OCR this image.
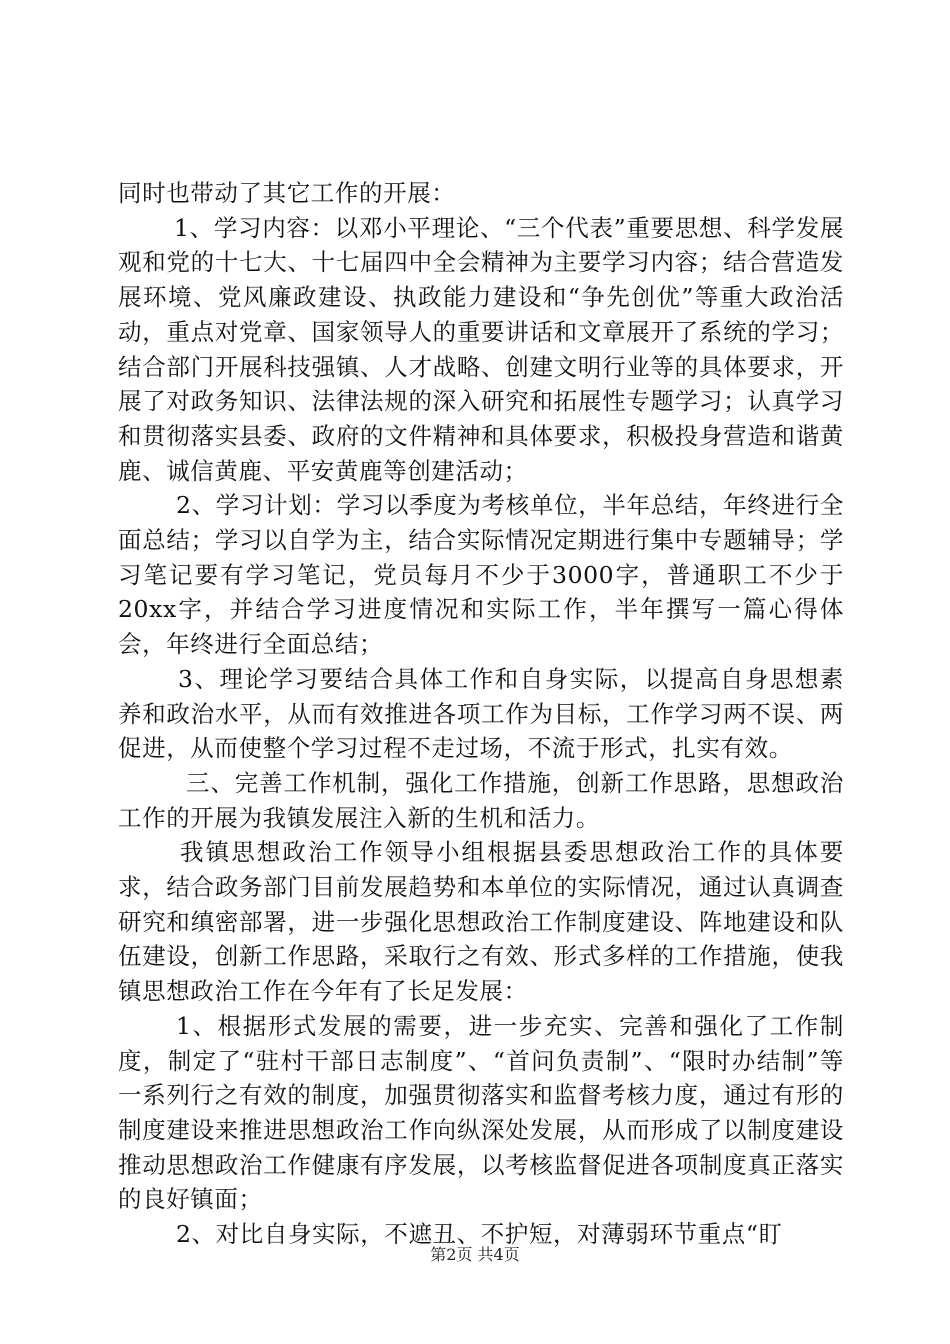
同时也带动了其它工作的开展：

1、学习内容：以邓小平理论、“三个代表”重要思想、科学发展观和党的十七大、十七届四中全会精神为主要学习内容；结合营造发展环境、党风廉政建设、执政能力建设和“争先创优”等重大政治活动，重点对党章、国家领导人的重要讲话和文章展开了系统的学习；结合部门开展科技强镇、人才战略、创建文明行业等的具体要求，开展了对政务知识、法律法规的深入研究和拓展性专题学习；认真学习和贯彻落实县委、政府的文件精神和具体要求，积极投身营造和谐黄鹿、诚信黄鹿、平安黄鹿等创建活动；

2、学习计划：学习以季度为考核单位，半年总结，年终进行全面总结；学习以自学为主，结合实际情况定期进行集中专题辅导；学习笔记要有学习笔记，党员每月不少于3000字，普通职工不少于20xx字，并结合学习进度情况和实际工作，半年撰写一篇心得体会，年终进行全面总结；

3、理论学习要结合具体工作和自身实际，以提高自身思想素养和政治水平，从而有效推进各项工作为目标，工作学习两不误、两促进，从而使整个学习过程不走过场，不流于形式，扎实有效。

三、完善工作机制，强化工作措施，创新工作思路，思想政治工作的开展为我镇发展注入新的生机和活力。

我镇思想政治工作领导小组根据县委思想政治工作的具体要求，结合政务部门目前发展趋势和本单位的实际情况，通过认真调查研究和缜密部署，进一步强化思想政治工作制度建设、阵地建设和队伍建设，创新工作思路，采取行之有效、形式多样的工作措施，使我镇思想政治工作在今年有了长足发展：

1、根据形式发展的需要，进一步充实、完善和强化了工作制度，制定了“驻村干部日志制度”、“首问负责制”、“限时办结制”等一系列行之有效的制度，加强贯彻落实和监督考核力度，通过有形的制度建设来推进思想政治工作向纵深处发展，从而形成了以制度建设推动思想政治工作健康有序发展，以考核监督促进各项制度真正落实的良好镇面；

2、对比自身实际，不遮丑、不护短，对薄弱环节重点“盯

第2页 共4页
